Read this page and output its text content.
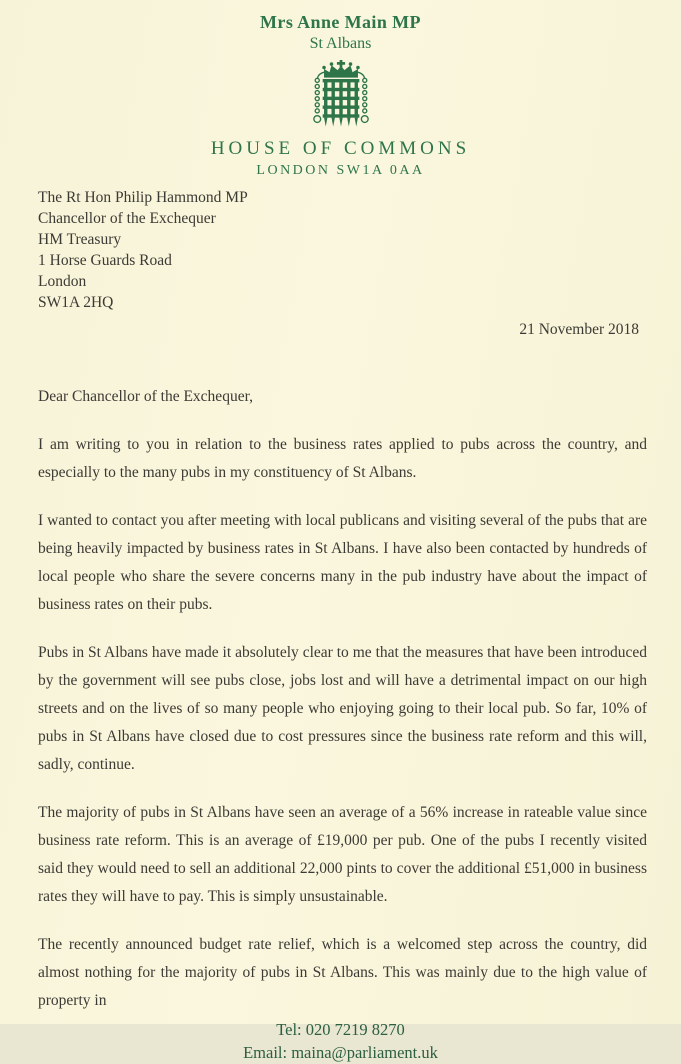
Mrs Anne Main MP
St Albans
HOUSE OF COMMONS
LONDON SW1A 0AA
The Rt Hon Philip Hammond MP
Chancellor of the Exchequer
HM Treasury
1 Horse Guards Road
London
SW1A 2HQ
21 November 2018
Dear Chancellor of the Exchequer,

I am writing to you in relation to the business rates applied to pubs across the country, and especially to the many pubs in my constituency of St Albans.

I wanted to contact you after meeting with local publicans and visiting several of the pubs that are being heavily impacted by business rates in St Albans. I have also been contacted by hundreds of local people who share the severe concerns many in the pub industry have about the impact of business rates on their pubs.

Pubs in St Albans have made it absolutely clear to me that the measures that have been introduced by the government will see pubs close, jobs lost and will have a detrimental impact on our high streets and on the lives of so many people who enjoying going to their local pub. So far, 10% of pubs in St Albans have closed due to cost pressures since the business rate reform and this will, sadly, continue.

The majority of pubs in St Albans have seen an average of a 56% increase in rateable value since business rate reform. This is an average of £19,000 per pub. One of the pubs I recently visited said they would need to sell an additional 22,000 pints to cover the additional £51,000 in business rates they will have to pay. This is simply unsustainable.

The recently announced budget rate relief, which is a welcomed step across the country, did almost nothing for the majority of pubs in St Albans. This was mainly due to the high value of property in

Tel: 020 7219 8270
Email: maina@parliament.uk
